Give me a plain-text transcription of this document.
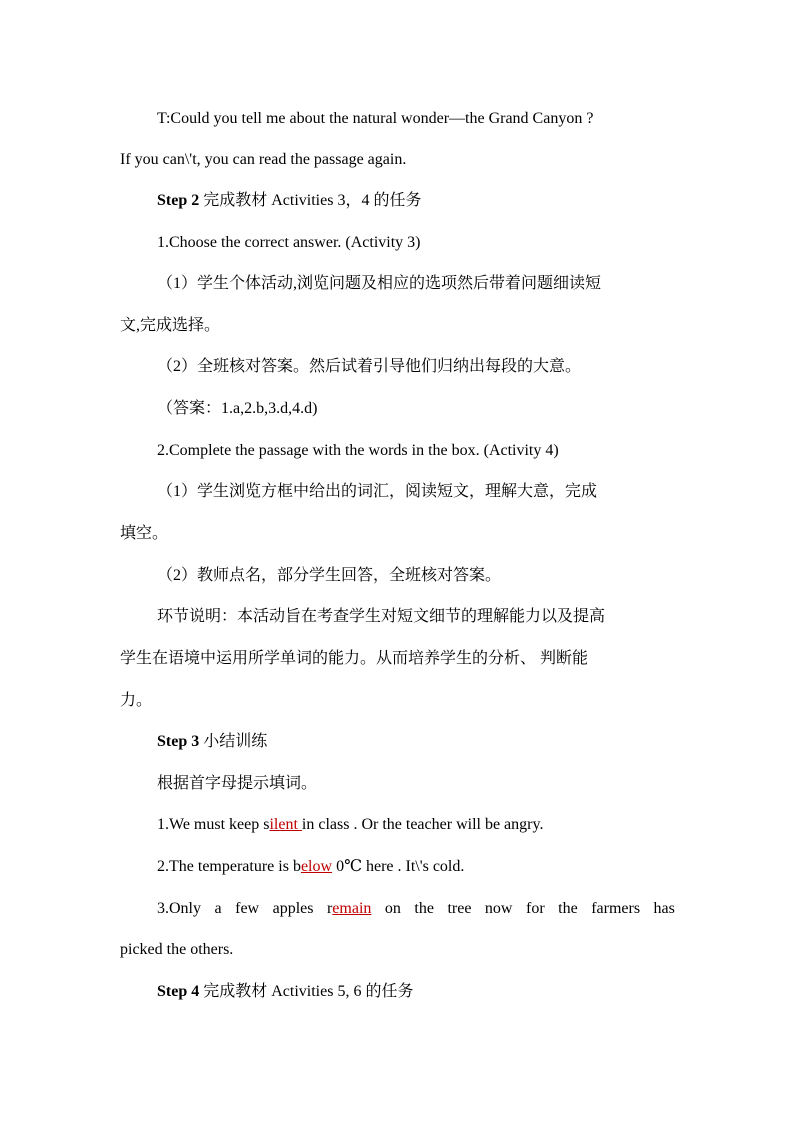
T:Could you tell me about the natural wonder—the Grand Canyon ?
If you can\'t, you can read the passage again.
Step 2 完成教材 Activities 3，4 的任务
1.Choose the correct answer. (Activity 3)
（1）学生个体活动,浏览问题及相应的选项然后带着问题细读短
文,完成选择。
（2）全班核对答案。然后试着引导他们归纳出每段的大意。
（答案：1.a,2.b,3.d,4.d)
2.Complete the passage with the words in the box. (Activity 4)
（1）学生浏览方框中给出的词汇，阅读短文，理解大意，完成
填空。
（2）教师点名，部分学生回答，全班核对答案。
环节说明：本活动旨在考查学生对短文细节的理解能力以及提高
学生在语境中运用所学单词的能力。从而培养学生的分析、 判断能
力。
Step 3 小结训练
根据首字母提示填词。
1.We must keep silent in class . Or the teacher will be angry.
2.The temperature is below 0℃ here . It\'s cold.
3.Only a few apples remain on the tree now for the farmers has
picked the others.
Step 4 完成教材 Activities 5, 6 的任务
